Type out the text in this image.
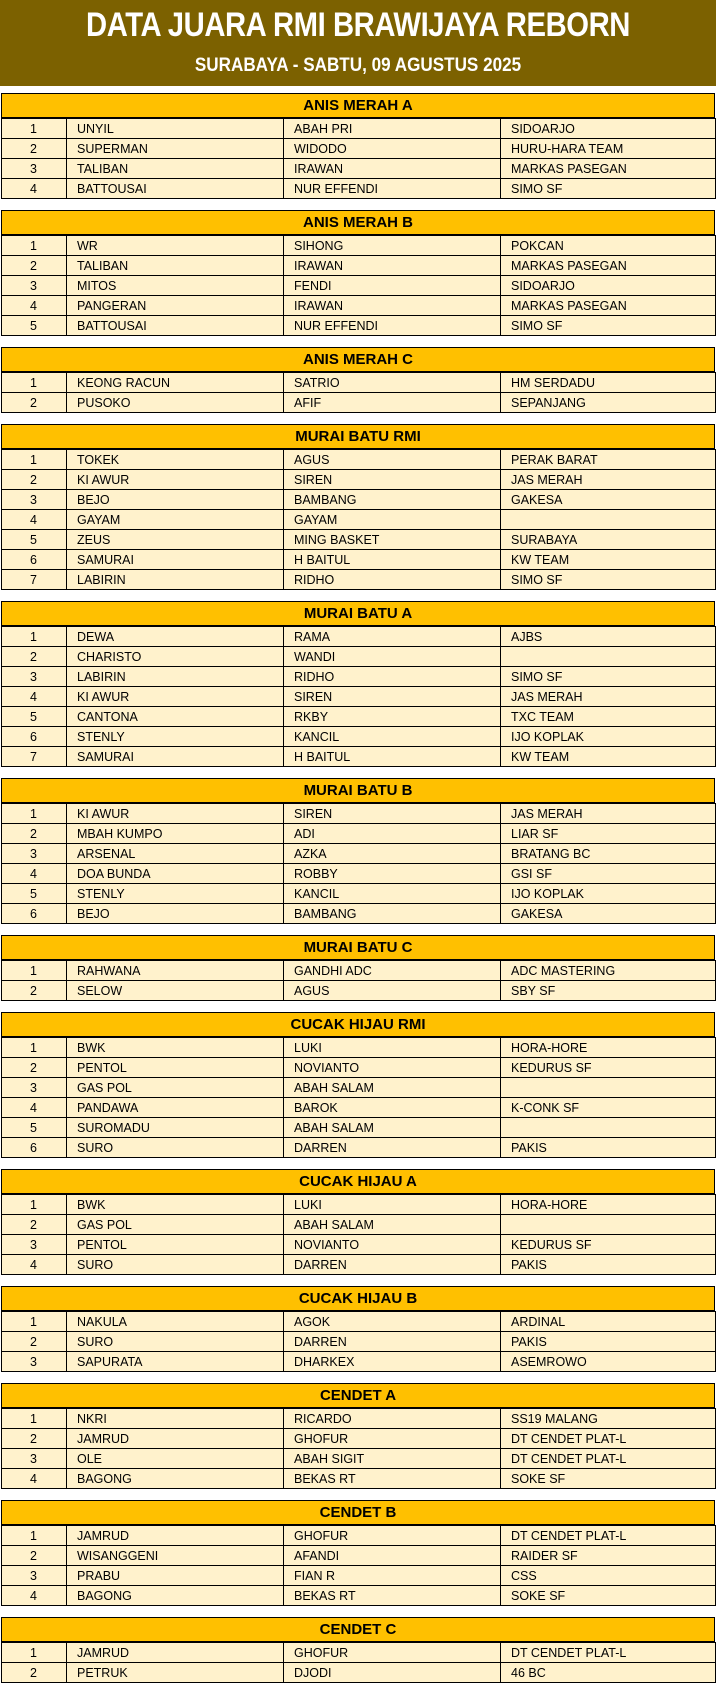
DATA JUARA RMI BRAWIJAYA REBORN
SURABAYA - SABTU, 09 AGUSTUS 2025
ANIS MERAH A
1	UNYIL	ABAH PRI	SIDOARJO
2	SUPERMAN	WIDODO	HURU-HARA TEAM
3	TALIBAN	IRAWAN	MARKAS PASEGAN
4	BATTOUSAI	NUR EFFENDI	SIMO SF
ANIS MERAH B
1	WR	SIHONG	POKCAN
2	TALIBAN	IRAWAN	MARKAS PASEGAN
3	MITOS	FENDI	SIDOARJO
4	PANGERAN	IRAWAN	MARKAS PASEGAN
5	BATTOUSAI	NUR EFFENDI	SIMO SF
ANIS MERAH C
1	KEONG RACUN	SATRIO	HM SERDADU
2	PUSOKO	AFIF	SEPANJANG
MURAI BATU RMI
1	TOKEK	AGUS	PERAK BARAT
2	KI AWUR	SIREN	JAS MERAH
3	BEJO	BAMBANG	GAKESA
4	GAYAM	GAYAM	
5	ZEUS	MING BASKET	SURABAYA
6	SAMURAI	H BAITUL	KW TEAM
7	LABIRIN	RIDHO	SIMO SF
MURAI BATU A
1	DEWA	RAMA	AJBS
2	CHARISTO	WANDI	
3	LABIRIN	RIDHO	SIMO SF
4	KI AWUR	SIREN	JAS MERAH
5	CANTONA	RKBY	TXC TEAM
6	STENLY	KANCIL	IJO KOPLAK
7	SAMURAI	H BAITUL	KW TEAM
MURAI BATU B
1	KI AWUR	SIREN	JAS MERAH
2	MBAH KUMPO	ADI	LIAR SF
3	ARSENAL	AZKA	BRATANG BC
4	DOA BUNDA	ROBBY	GSI SF
5	STENLY	KANCIL	IJO KOPLAK
6	BEJO	BAMBANG	GAKESA
MURAI BATU C
1	RAHWANA	GANDHI ADC	ADC MASTERING
2	SELOW	AGUS	SBY SF
CUCAK HIJAU RMI
1	BWK	LUKI	HORA-HORE
2	PENTOL	NOVIANTO	KEDURUS SF
3	GAS POL	ABAH SALAM	
4	PANDAWA	BAROK	K-CONK SF
5	SUROMADU	ABAH SALAM	
6	SURO	DARREN	PAKIS
CUCAK HIJAU A
1	BWK	LUKI	HORA-HORE
2	GAS POL	ABAH SALAM	
3	PENTOL	NOVIANTO	KEDURUS SF
4	SURO	DARREN	PAKIS
CUCAK HIJAU B
1	NAKULA	AGOK	ARDINAL
2	SURO	DARREN	PAKIS
3	SAPURATA	DHARKEX	ASEMROWO
CENDET A
1	NKRI	RICARDO	SS19 MALANG
2	JAMRUD	GHOFUR	DT CENDET PLAT-L
3	OLE	ABAH SIGIT	DT CENDET PLAT-L
4	BAGONG	BEKAS RT	SOKE SF
CENDET B
1	JAMRUD	GHOFUR	DT CENDET PLAT-L
2	WISANGGENI	AFANDI	RAIDER SF
3	PRABU	FIAN R	CSS
4	BAGONG	BEKAS RT	SOKE SF
CENDET C
1	JAMRUD	GHOFUR	DT CENDET PLAT-L
2	PETRUK	DJODI	46 BC
